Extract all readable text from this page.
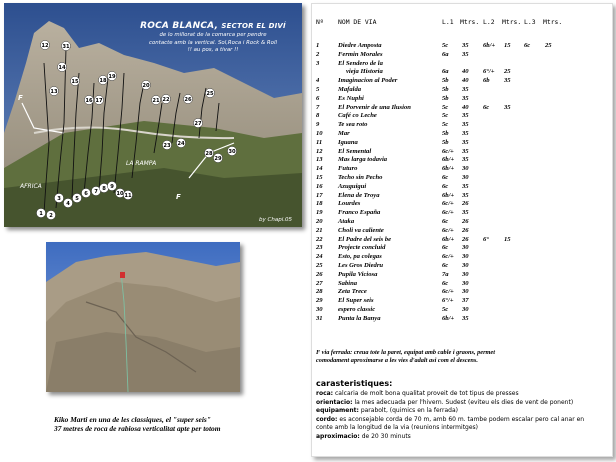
1 2
3
4
5
6 7 8 9
10 11
12
13
14
15
16 17
18
19
20
21 22
23 24
25
26
27
28
29
30
31
ROCA BLANCA, SECTOR EL DIVÍ
de lo millorat de la comarca per pendre
contacte amb la vertical. Sol,Roca i Rock & Roll
!! au pos, a tivar !!
LA RAMPA
AFRICA
F
F
by Chapi.05
Kiko Marti en una de les classiques, el "super seis"
37 metres de roca de rabiosa verticalitat apte per totom
Nº NOM DE VIA	L.1 Mtrs. L.2 Mtrs. L.3 Mtrs.
1	Diedre Amposta	5c 35 6b/+ 15 6c 25
2	Fermin Morales	6a 35
3	El Sendero de la
vieja Historia	6a 40 6°/+ 25
4	Imaginacion al Poder	5b 40 6b 35
5	Mafalda	5b 35
6	Es Nuphi	5b 35
7	El Porvenir de una Ilusion	5c 40 6c 35
8	Café co Leche	5c 35
9	Te sea roto	5c 35
10 Mar	5b 35
11 Iguana	5b 35
12 El Semental	6c/+ 35
13 Mas larga todavia	6b/+ 35
14 Futuro	6b/+ 30
15 Techo sin Pecho	6c 30
16 Azuguigui	6c 35
17 Elena de Troya	6b/+ 35
18 Lourdes	6c/+ 26
19 Franco España	6c/+ 35
20 Ataka	6c 26
21 Choli va caliente	6c/+ 26
22 El Padre del seis be	6b/+ 26 6° 15
23 Projecte concluid	6c 30
24 Esto, pa colegas	6c/+ 30
25 Les Gros Diedru	6c 30
26 Pupila Viciosa	7a 30
27 Sabina	6c 30
28 Zeta Trece	6c/+ 30
29 El Super seis	6°/+ 37
30 espero classic	5c 30
31 Punta la Banya	6b/+ 35
F via ferrada: creua tote la paret, equipat amb cable i graons, permet
comodament aproximarse a les vies d'adalt asi com el descens.
carasteristiques:
roca: calcaria de molt bona qualitat proveit de tot tipus de presses
orientacio: la mes adecuada per l'hivern. Sudest (eviteu els dies de vent de ponent)
equipament: parabolt, (quimics en la ferrada)
cordo: es aconsejable corda de 70 m, amb 60 m. tambe podem escalar pero cal anar en
conte amb la longitud de la via (reunions intermitges)
aproximacio: de 20 30 minuts
